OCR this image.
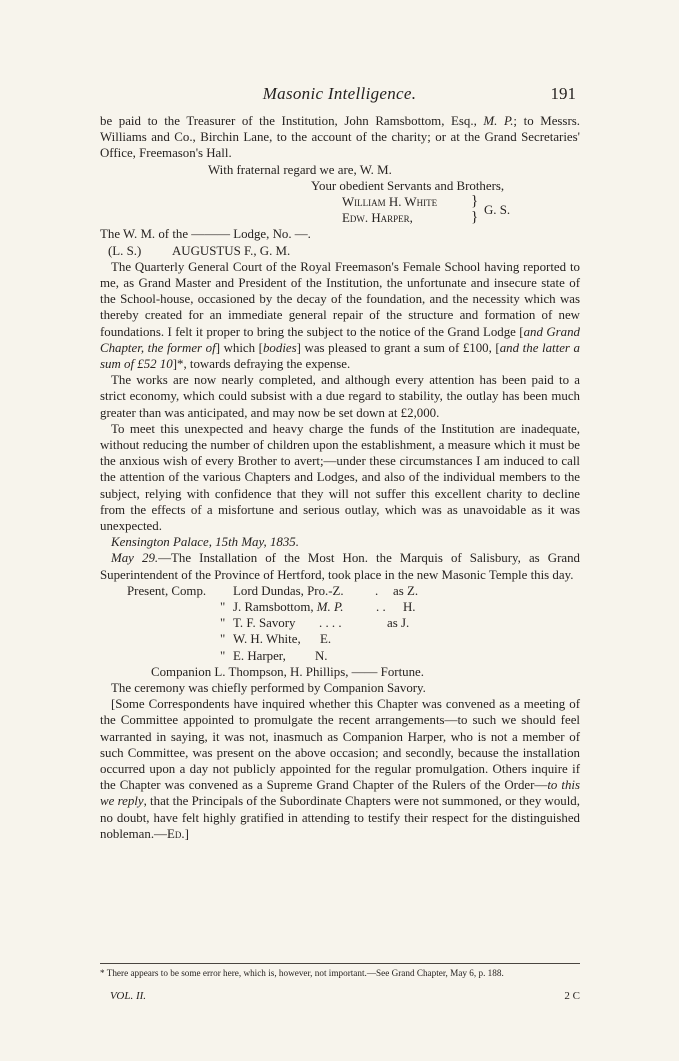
Masonic Intelligence.	191

be paid to the Treasurer of the Institution, John Ramsbottom, Esq., M. P.; to Messrs. Williams and Co., Birchin Lane, to the account of the charity; or at the Grand Secretaries' Office, Freemason's Hall.

With fraternal regard we are, W. M.
Your obedient Servants and Brothers,
William H. White }
Edw. Harper,	} G. S.
The W. M. of the ——— Lodge, No. —.
(L. S.) AUGUSTUS F., G. M.

The Quarterly General Court of the Royal Freemason's Female School having reported to me, as Grand Master and President of the Institution, the unfortunate and insecure state of the School-house, occasioned by the decay of the foundation, and the necessity which was thereby created for an immediate general repair of the structure and formation of new foundations. I felt it proper to bring the subject to the notice of the Grand Lodge [and Grand Chapter, the former of] which [bodies] was pleased to grant a sum of £100, [and the latter a sum of £52 10]*, towards defraying the expense.

The works are now nearly completed, and although every attention has been paid to a strict economy, which could subsist with a due regard to stability, the outlay has been much greater than was anticipated, and may now be set down at £2,000.

To meet this unexpected and heavy charge the funds of the Institution are inadequate, without reducing the number of children upon the establishment, a measure which it must be the anxious wish of every Brother to avert;—under these circumstances I am induced to call the attention of the various Chapters and Lodges, and also of the individual members to the subject, relying with confidence that they will not suffer this excellent charity to decline from the effects of a misfortune and serious outlay, which was as unavoidable as it was unexpected.

Kensington Palace, 15th May, 1835.

May 29.—The Installation of the Most Hon. the Marquis of Salisbury, as Grand Superintendent of the Province of Hertford, took place in the new Masonic Temple this day.

Present, Comp. Lord Dundas, Pro.-Z. . as Z.
" J. Ramsbottom, M. P.	. . H.
" T. F. Savory . . . .	as J.
" W. H. White, E.
" E. Harper, N.
Companion L. Thompson, H. Phillips, —— Fortune.

The ceremony was chiefly performed by Companion Savory.

[Some Correspondents have inquired whether this Chapter was convened as a meeting of the Committee appointed to promulgate the recent arrangements—to such we should feel warranted in saying, it was not, inasmuch as Companion Harper, who is not a member of such Committee, was present on the above occasion; and secondly, because the installation occurred upon a day not publicly appointed for the regular promulgation. Others inquire if the Chapter was convened as a Supreme Grand Chapter of the Rulers of the Order—to this we reply, that the Principals of the Subordinate Chapters were not summoned, or they would, no doubt, have felt highly gratified in attending to testify their respect for the distinguished nobleman.—Ed.]

* There appears to be some error here, which is, however, not important.—See Grand Chapter, May 6, p. 188.
VOL. II.	2 C
